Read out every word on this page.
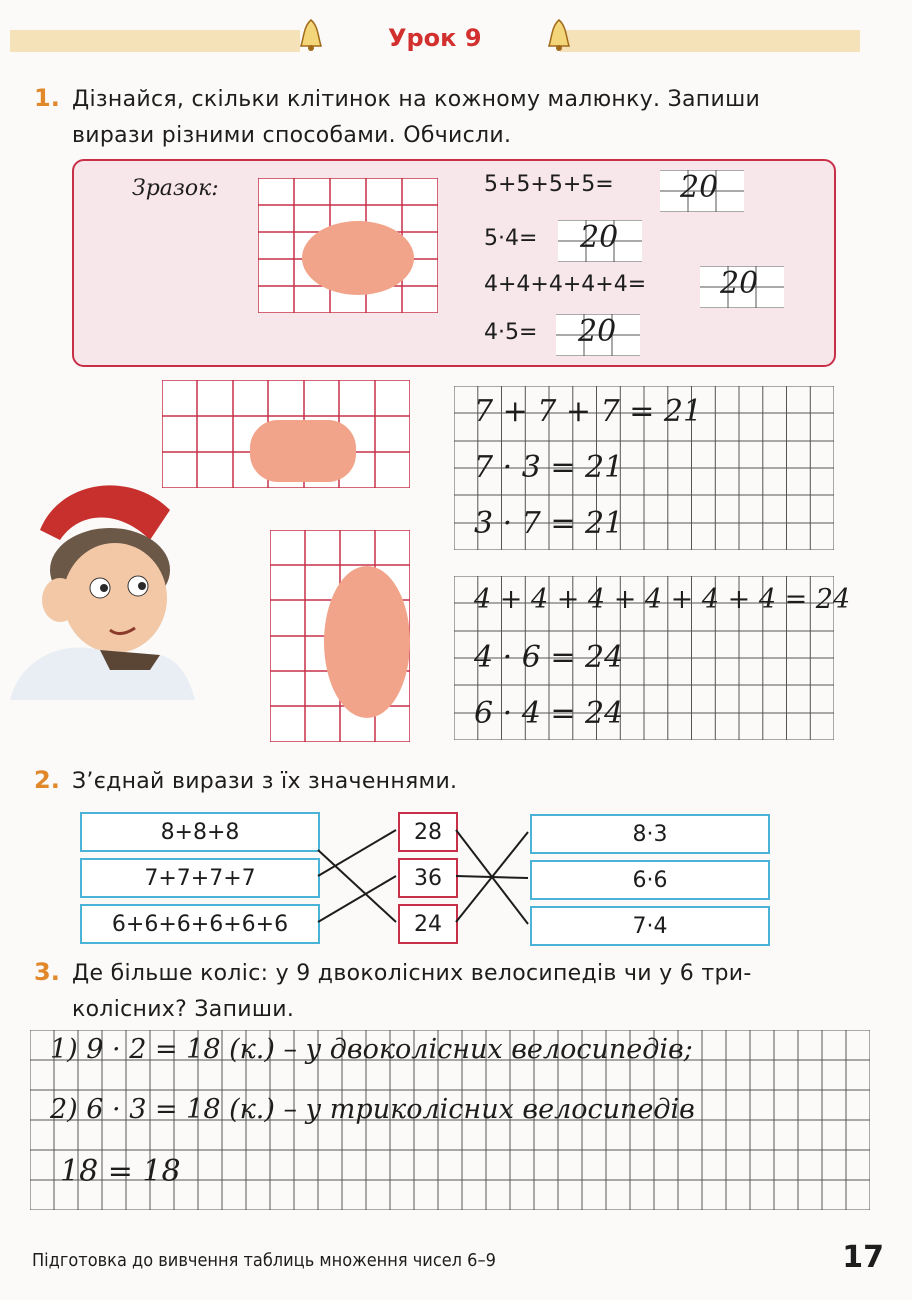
Урок 9
1. Дізнайся, скільки клітинок на кожному малюнку. Запиши
вирази різними способами. Обчисли.
Зразок:	5+5+5+5=
5·4=
4+4+4+4+4=
4·5=
20
20
20
20
7 + 7 + 7 = 21
7 · 3 = 21
3 · 7 = 21
4 + 4 + 4 + 4 + 4 + 4 = 24
4 · 6 = 24
6 · 4 = 24
2. З’єднай вирази з їх значеннями.
8+8+8
7+7+7+7
6+6+6+6+6+6
28
36
24
8·3
6·6
7·4
3. Де більше коліс: у 9 двоколісних велосипедів чи у 6 три-
колісних? Запиши.
1) 9 · 2 = 18 (к.) – у двоколісних велосипедів;
2) 6 · 3 = 18 (к.) – у триколісних велосипедів
18 = 18
Підготовка до вивчення таблиць множення чисел 6–9	17
